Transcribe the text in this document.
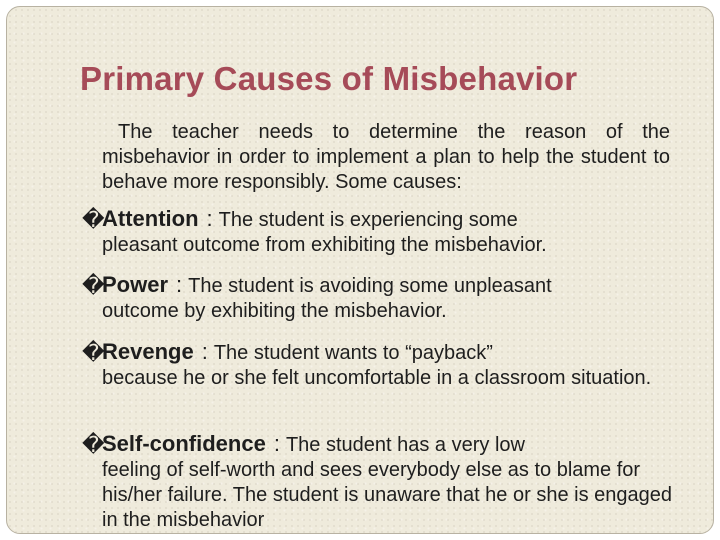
Primary Causes of Misbehavior

The teacher needs to determine the reason of the misbehavior in order to implement a plan to help the student to behave more responsibly. Some causes:

�Attention : The student is experiencing some

pleasant outcome from exhibiting the misbehavior.

�Power : The student is avoiding some unpleasant

outcome by exhibiting the misbehavior.

�Revenge : The student wants to “payback”

because he or she felt uncomfortable in a classroom situation.

�Self-confidence : The student has a very low

feeling of self-worth and sees everybody else as to blame for his/her failure. The student is unaware that he or she is engaged in the misbehavior
